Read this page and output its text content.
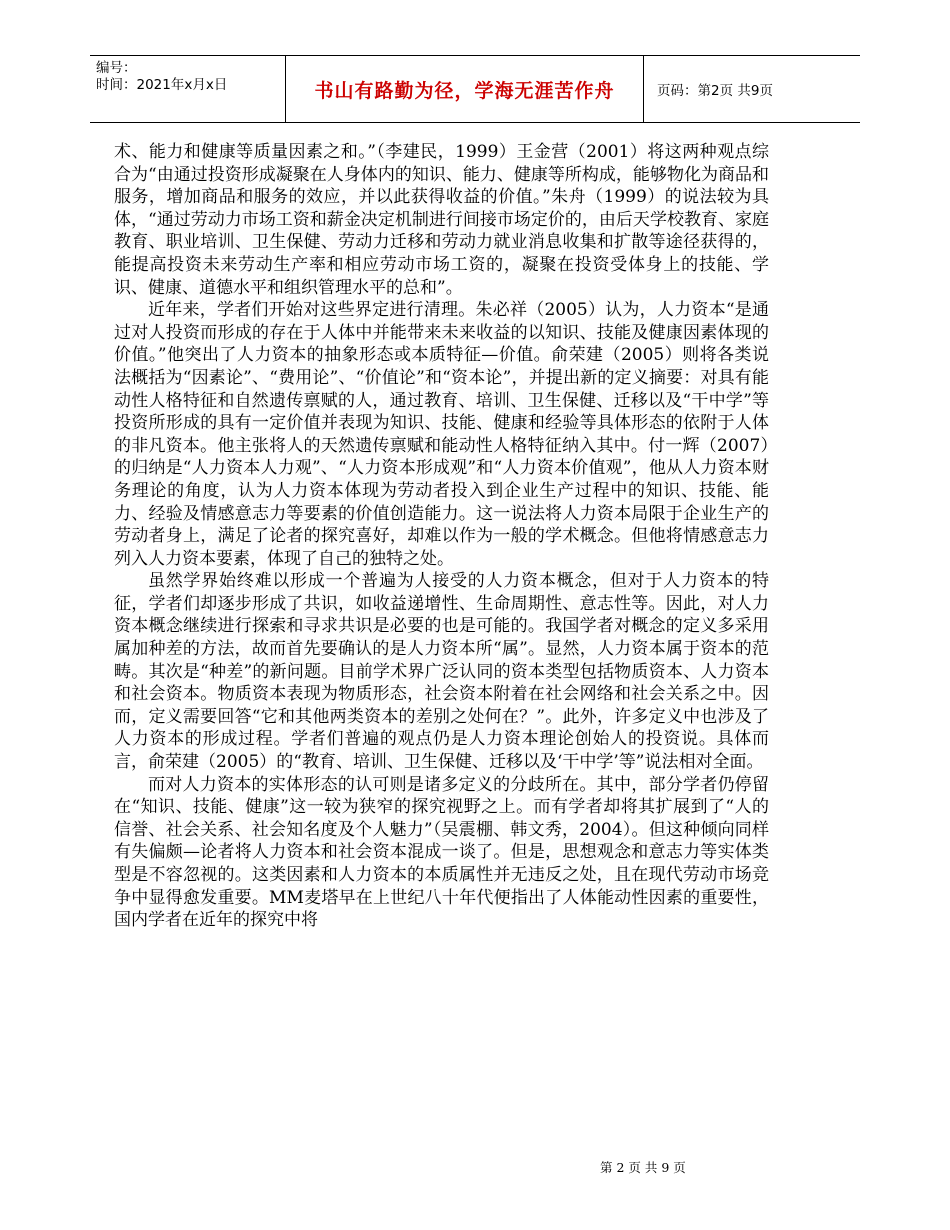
编号：
时间：2021年x月x日	书山有路勤为径，学海无涯苦作舟	页码：第2页 共9页

术、能力和健康等质量因素之和。”（李建民，1999）王金营（2001）将这两种观点综合为“由通过投资形成凝聚在人身体内的知识、能力、健康等所构成，能够物化为商品和服务，增加商品和服务的效应，并以此获得收益的价值。”朱舟（1999）的说法较为具体，“通过劳动力市场工资和薪金决定机制进行间接市场定价的，由后天学校教育、家庭教育、职业培训、卫生保健、劳动力迁移和劳动力就业消息收集和扩散等途径获得的，能提高投资未来劳动生产率和相应劳动市场工资的，凝聚在投资受体身上的技能、学识、健康、道德水平和组织管理水平的总和”。

近年来，学者们开始对这些界定进行清理。朱必祥（2005）认为，人力资本“是通过对人投资而形成的存在于人体中并能带来未来收益的以知识、技能及健康因素体现的价值。”他突出了人力资本的抽象形态或本质特征—价值。俞荣建（2005）则将各类说法概括为“因素论”、“费用论”、“价值论”和“资本论”，并提出新的定义摘要：对具有能动性人格特征和自然遗传禀赋的人，通过教育、培训、卫生保健、迁移以及“干中学”等投资所形成的具有一定价值并表现为知识、技能、健康和经验等具体形态的依附于人体的非凡资本。他主张将人的天然遗传禀赋和能动性人格特征纳入其中。付一辉（2007）的归纳是“人力资本人力观”、“人力资本形成观”和“人力资本价值观”，他从人力资本财务理论的角度，认为人力资本体现为劳动者投入到企业生产过程中的知识、技能、能力、经验及情感意志力等要素的价值创造能力。这一说法将人力资本局限于企业生产的劳动者身上，满足了论者的探究喜好，却难以作为一般的学术概念。但他将情感意志力列入人力资本要素，体现了自己的独特之处。

虽然学界始终难以形成一个普遍为人接受的人力资本概念，但对于人力资本的特征，学者们却逐步形成了共识，如收益递增性、生命周期性、意志性等。因此，对人力资本概念继续进行探索和寻求共识是必要的也是可能的。我国学者对概念的定义多采用属加种差的方法，故而首先要确认的是人力资本所“属”。显然，人力资本属于资本的范畴。其次是“种差”的新问题。目前学术界广泛认同的资本类型包括物质资本、人力资本和社会资本。物质资本表现为物质形态，社会资本附着在社会网络和社会关系之中。因而，定义需要回答“它和其他两类资本的差别之处何在？”。此外，许多定义中也涉及了人力资本的形成过程。学者们普遍的观点仍是人力资本理论创始人的投资说。具体而言，俞荣建（2005）的“教育、培训、卫生保健、迁移以及‘干中学’等”说法相对全面。

而对人力资本的实体形态的认可则是诸多定义的分歧所在。其中，部分学者仍停留在“知识、技能、健康”这一较为狭窄的探究视野之上。而有学者却将其扩展到了“人的信誉、社会关系、社会知名度及个人魅力”（吴震棚、韩文秀，2004）。但这种倾向同样有失偏颇—论者将人力资本和社会资本混成一谈了。但是，思想观念和意志力等实体类型是不容忽视的。这类因素和人力资本的本质属性并无违反之处，且在现代劳动市场竞争中显得愈发重要。MM麦塔早在上世纪八十年代便指出了人体能动性因素的重要性，国内学者在近年的探究中将

第 2 页 共 9 页
